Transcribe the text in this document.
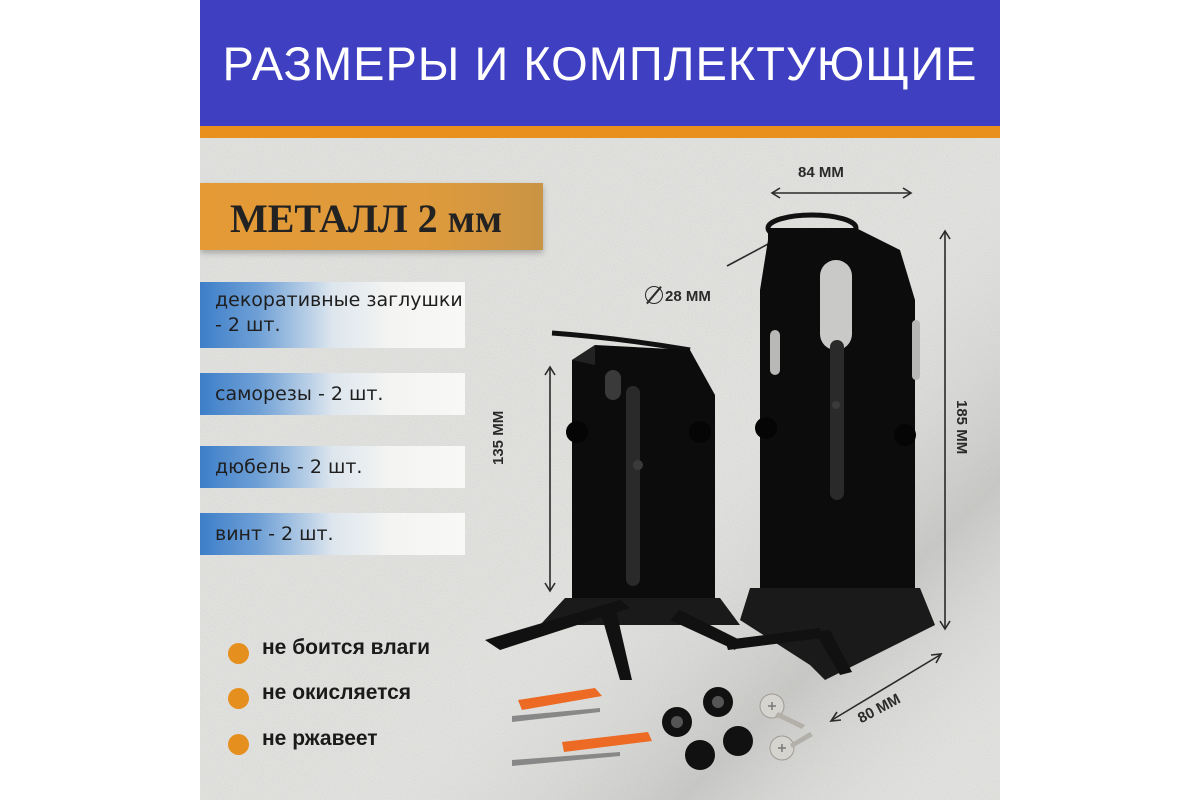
РАЗМЕРЫ И КОМПЛЕКТУЮЩИЕ
МЕТАЛЛ 2 мм
декоративные заглушки - 2 шт.
саморезы - 2 шт.
дюбель - 2 шт.
винт - 2 шт.
84 ММ
28 ММ
135 ММ	185 ММ
80 ММ
не боится влаги
не окисляется
не ржавеет
